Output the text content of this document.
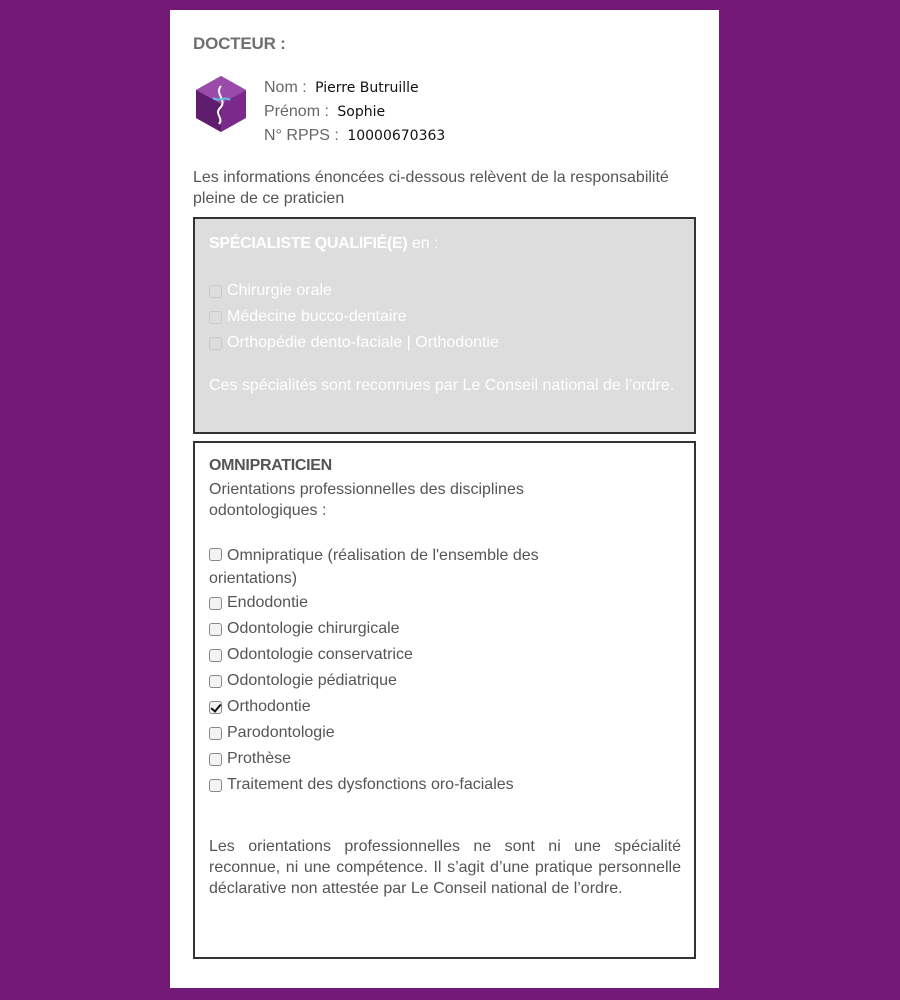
DOCTEUR :
Nom : Pierre Butruille
Prénom : Sophie
N° RPPS : 10000670363
Les informations énoncées ci-dessous relèvent de la responsabilité pleine de ce praticien
SPÉCIALISTE QUALIFIÉ(E) en :
Chirurgie orale
Médecine bucco-dentaire
Orthopédie dento-faciale | Orthodontie
Ces spécialités sont reconnues par Le Conseil national de l’ordre.
OMNIPRATICIEN
Orientations professionnelles des disciplines odontologiques :
Omnipratique (réalisation de l'ensemble des orientations)
Endodontie
Odontologie chirurgicale
Odontologie conservatrice
Odontologie pédiatrique
Orthodontie
Parodontologie
Prothèse
Traitement des dysfonctions oro-faciales
Les orientations professionnelles ne sont ni une spécialité reconnue, ni une compétence. Il s’agit d’une pratique personnelle déclarative non attestée par Le Conseil national de l’ordre.
